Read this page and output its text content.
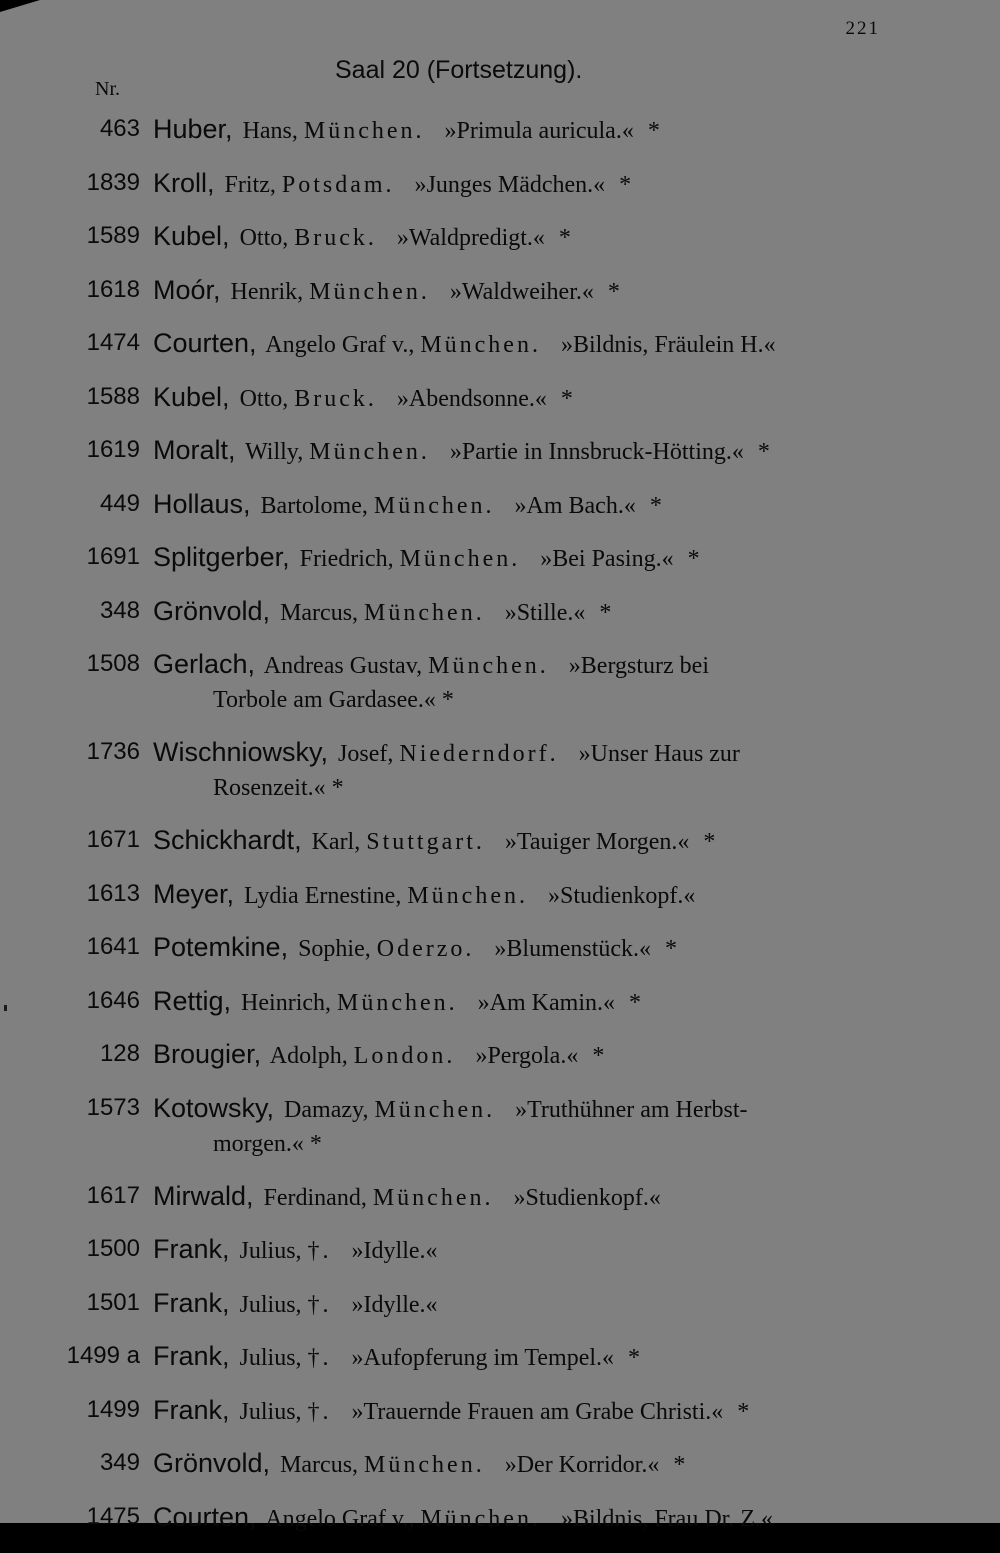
221
Nr.
Saal 20 (Fortsetzung).
463 Huber, Hans, München. »Primula auricula.« *
1839 Kroll, Fritz, Potsdam. »Junges Mädchen.« *
1589 Kubel, Otto, Bruck. »Waldpredigt.« *
1618 Moór, Henrik, München. »Waldweiher.« *
1474 Courten, Angelo Graf v., München. »Bildnis, Fräulein H.«
1588 Kubel, Otto, Bruck. »Abendsonne.« *
1619 Moralt, Willy, München. »Partie in Innsbruck-Hötting.« *
449 Hollaus, Bartolome, München. »Am Bach.« *
1691 Splitgerber, Friedrich, München. »Bei Pasing.« *
348 Grönvold, Marcus, München. »Stille.« *
1508 Gerlach, Andreas Gustav, München. »Bergsturz bei
Torbole am Gardasee.« *
1736 Wischniowsky, Josef, Niederndorf. »Unser Haus zur
Rosenzeit.« *
1671 Schickhardt, Karl, Stuttgart. »Tauiger Morgen.« *
1613 Meyer, Lydia Ernestine, München. »Studienkopf.«
1641 Potemkine, Sophie, Oderzo. »Blumenstück.« *
1646 Rettig, Heinrich, München. »Am Kamin.« *
128 Brougier, Adolph, London. »Pergola.« *
1573 Kotowsky, Damazy, München. »Truthühner am Herbst-
morgen.« *
1617 Mirwald, Ferdinand, München. »Studienkopf.«
1500 Frank, Julius, †. »Idylle.«
1501 Frank, Julius, †. »Idylle.«
1499 a Frank, Julius, †. »Aufopferung im Tempel.« *
1499 Frank, Julius, †. »Trauernde Frauen am Grabe Christi.« *
349 Grönvold, Marcus, München. »Der Korridor.« *
1475 Courten, Angelo Graf v., München. »Bildnis, Frau Dr. Z.«
